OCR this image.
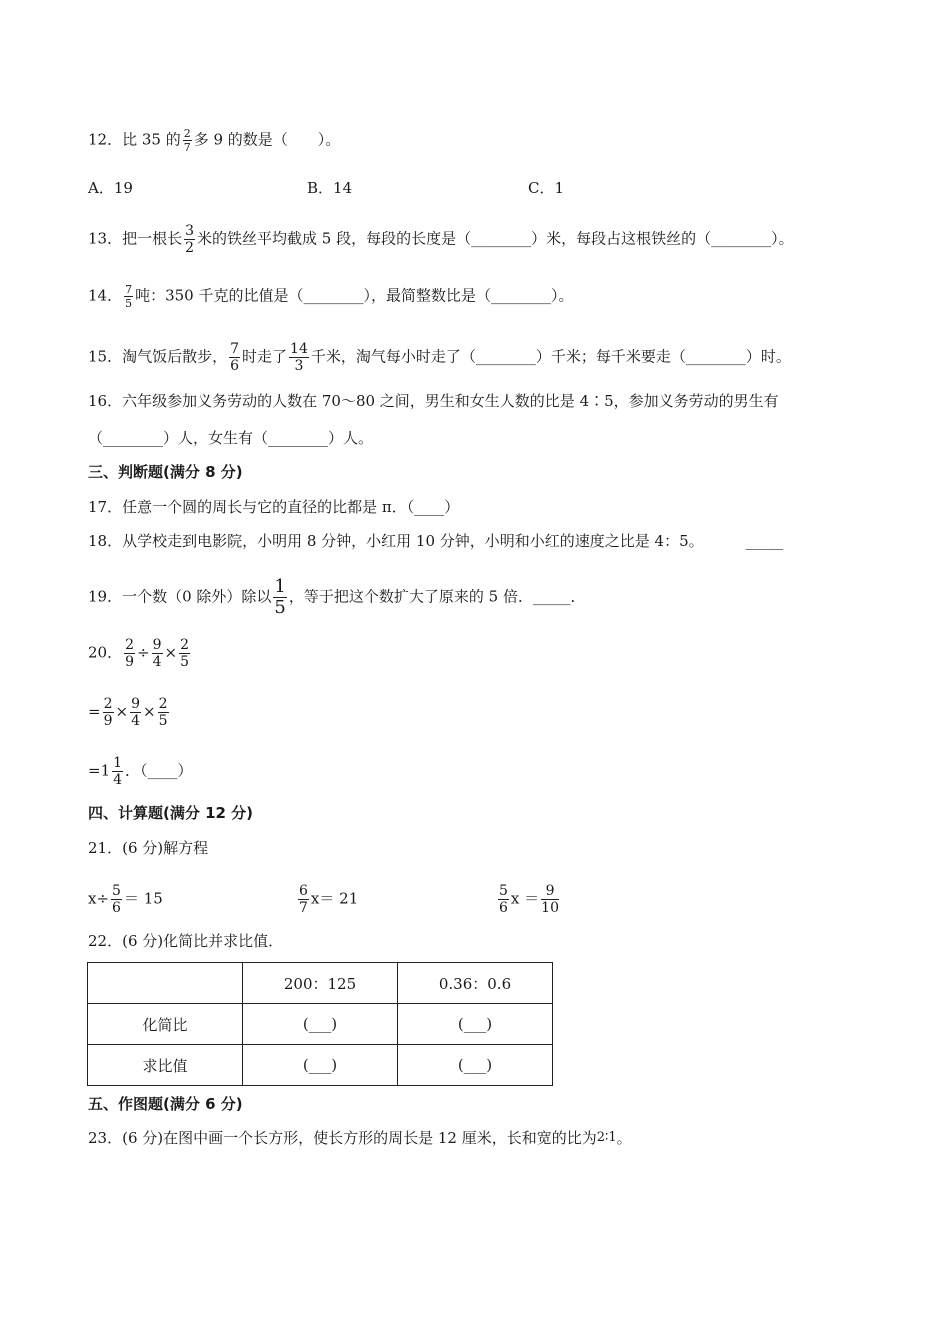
12．比 35 的 $\frac{2}{7}$ 多 9 的数是（　　）。
A．19	B．14	C．1
13．把一根长 $\frac{3}{2}$ 米的铁丝平均截成 5 段，每段的长度是（________）米，每段占这根铁丝的（________）。
14． $\frac{7}{5}$ 吨：350 千克的比值是（________），最简整数比是（________）。
15．淘气饭后散步， $\frac{7}{6}$ 时走了 $\frac{14}{3}$ 千米，淘气每小时走了（________）千米；每千米要走（________）时。
16．六年级参加义务劳动的人数在 70～80 之间，男生和女生人数的比是 4∶5，参加义务劳动的男生有
（________）人，女生有（________）人。
三、判断题(满分 8 分)
17．任意一个圆的周长与它的直径的比都是 π．（____）
18．从学校走到电影院，小明用 8 分钟，小红用 10 分钟，小明和小红的速度之比是 4：5。	_____
19．一个数（0 除外）除以 $\frac{1}{5}$ ，等于把这个数扩大了原来的 5 倍．_____．
20． $\frac{2}{9} \div \frac{9}{4} \times \frac{2}{5}$
= $\frac{2}{9} \times \frac{9}{4} \times \frac{2}{5}$
$=1 \frac{1}{4}$ ．（____）
四、计算题(满分 12 分)
21．(6 分)解方程
$x\div \frac{5}{6} = 15$	$\frac{6}{7} x= 21$	$\frac{5}{6}$ $x = \frac{9}{10}$
22．(6 分)化简比并求比值．
	200：125	0.36：0.6
化简比	(___)	(___)
求比值	(___)	(___)
五、作图题(满分 6 分)
23．(6 分)在图中画一个长方形，使长方形的周长是 12 厘米，长和宽的比为2∶1。
